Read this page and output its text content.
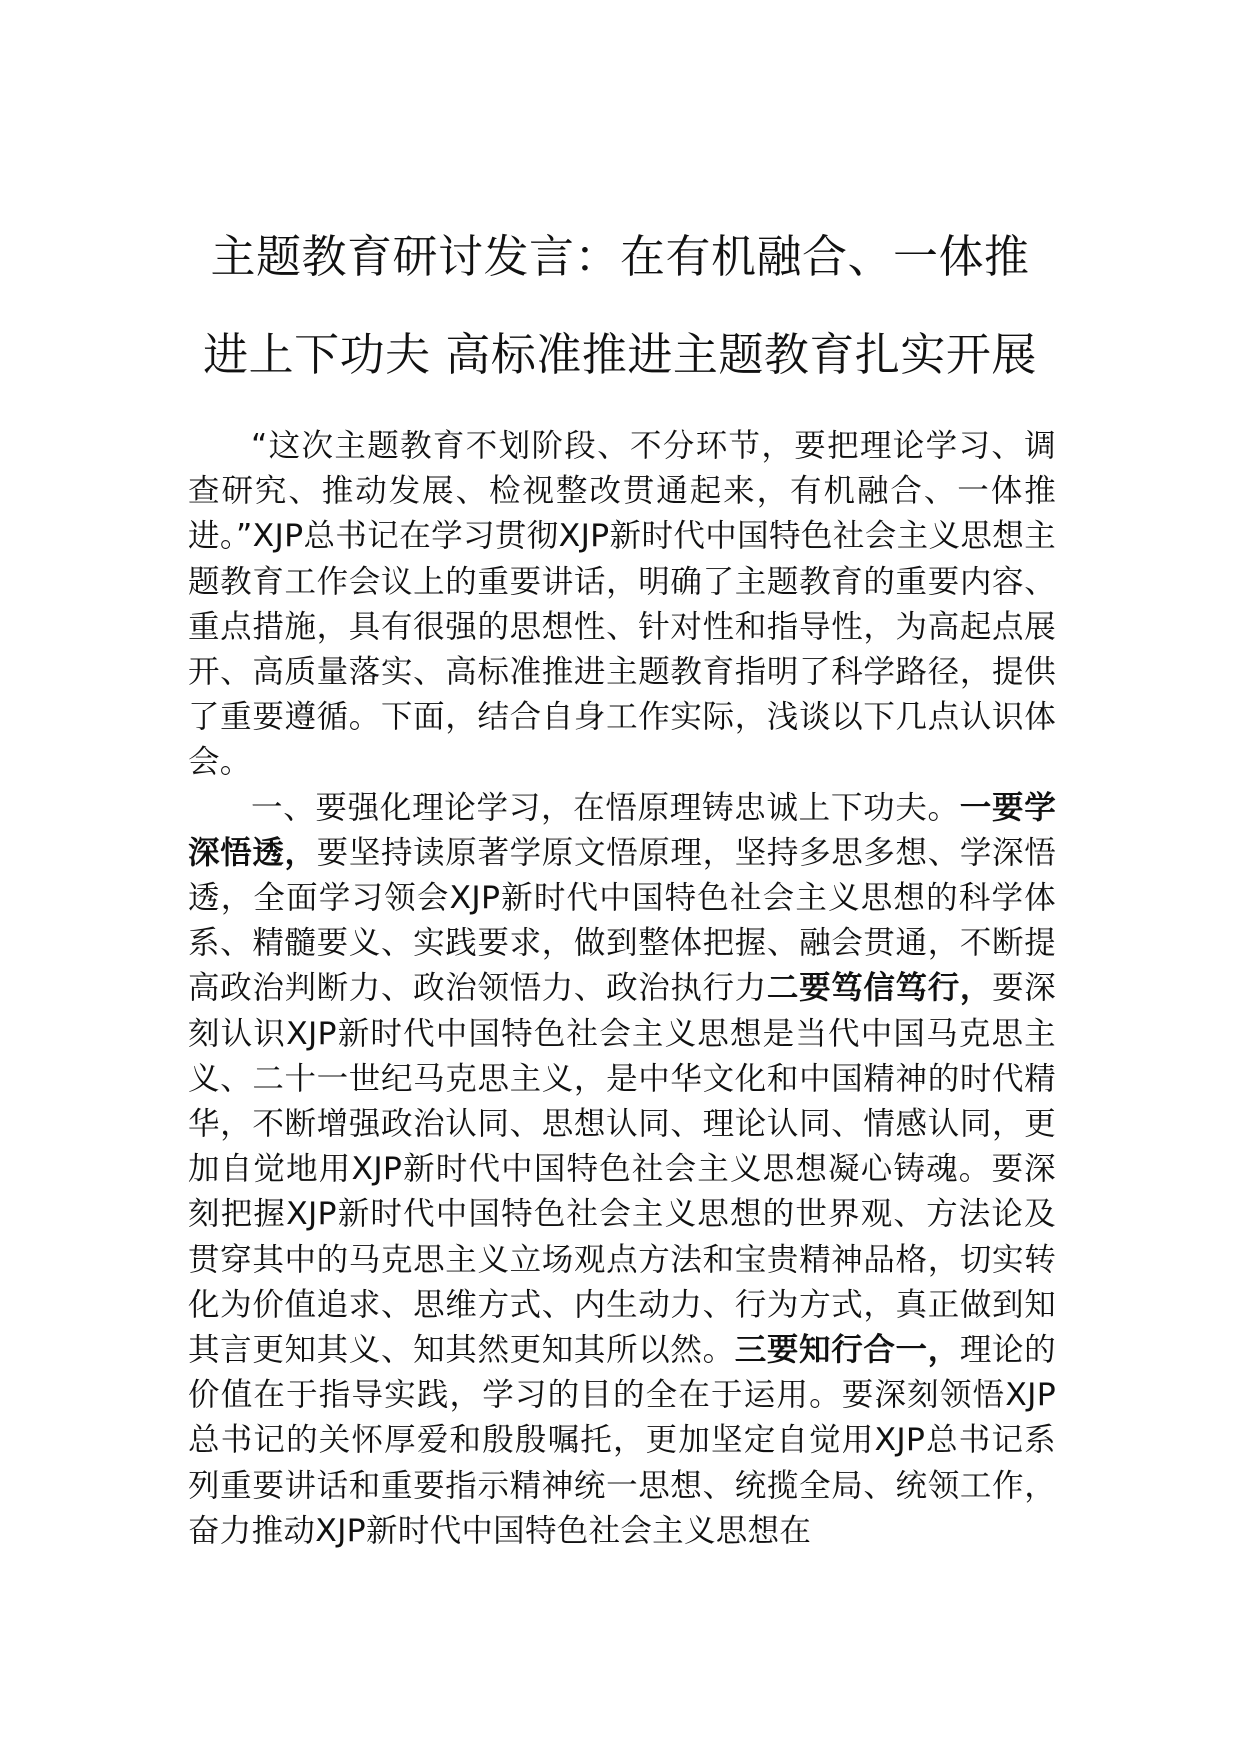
主题教育研讨发言：在有机融合、一体推
进上下功夫 高标准推进主题教育扎实开展

“这次主题教育不划阶段、不分环节，要把理论学习、调查研究、推动发展、检视整改贯通起来，有机融合、一体推进。”XJP总书记在学习贯彻XJP新时代中国特色社会主义思想主题教育工作会议上的重要讲话，明确了主题教育的重要内容、重点措施，具有很强的思想性、针对性和指导性，为高起点展开、高质量落实、高标准推进主题教育指明了科学路径，提供了重要遵循。下面，结合自身工作实际，浅谈以下几点认识体会。

一、要强化理论学习，在悟原理铸忠诚上下功夫。一要学深悟透，要坚持读原著学原文悟原理，坚持多思多想、学深悟透，全面学习领会XJP新时代中国特色社会主义思想的科学体系、精髓要义、实践要求，做到整体把握、融会贯通，不断提高政治判断力、政治领悟力、政治执行力二要笃信笃行，要深刻认识XJP新时代中国特色社会主义思想是当代中国马克思主义、二十一世纪马克思主义，是中华文化和中国精神的时代精华，不断增强政治认同、思想认同、理论认同、情感认同，更加自觉地用XJP新时代中国特色社会主义思想凝心铸魂。要深刻把握XJP新时代中国特色社会主义思想的世界观、方法论及贯穿其中的马克思主义立场观点方法和宝贵精神品格，切实转化为价值追求、思维方式、内生动力、行为方式，真正做到知其言更知其义、知其然更知其所以然。三要知行合一，理论的价值在于指导实践，学习的目的全在于运用。要深刻领悟XJP总书记的关怀厚爱和殷殷嘱托，更加坚定自觉用XJP总书记系列重要讲话和重要指示精神统一思想、统揽全局、统领工作，奋力推动XJP新时代中国特色社会主义思想在
